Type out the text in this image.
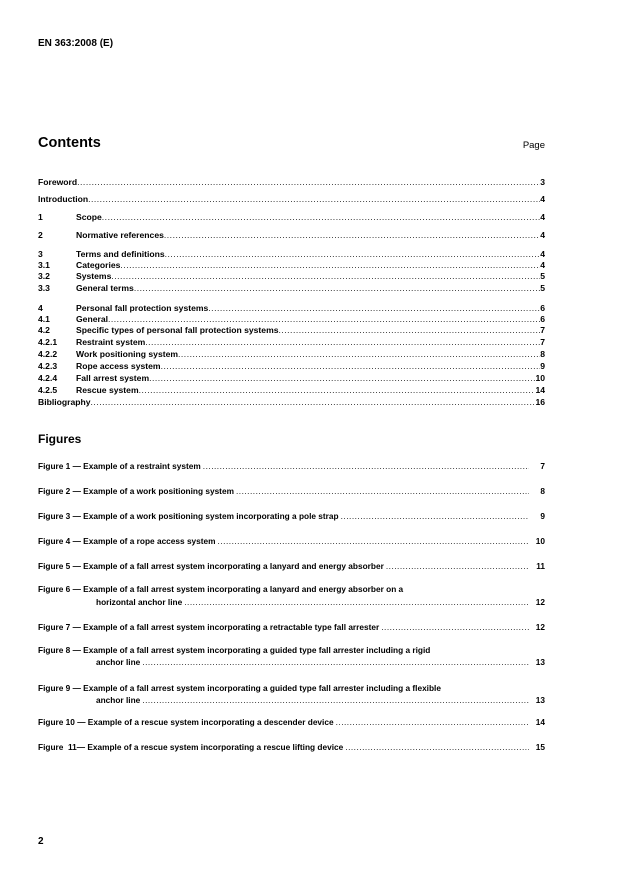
EN 363:2008 (E)
Contents	Page
Foreword .....	3
Introduction .....	4
1	Scope .....	4
2	Normative references .....	4
3	Terms and definitions .....	4
3.1	Categories .....	4
3.2	Systems .....	5
3.3	General terms .....	5
4	Personal fall protection systems .....	6
4.1	General .....	6
4.2	Specific types of personal fall protection systems .....	7
4.2.1	Restraint system .....	7
4.2.2	Work positioning system .....	8
4.2.3	Rope access system .....	9
4.2.4	Fall arrest system .....	10
4.2.5	Rescue system .....	14
Bibliography .....	16
Figures
Figure 1 — Example of a restraint system .....	7
Figure 2 — Example of a work positioning system .....	8
Figure 3 — Example of a work positioning system incorporating a pole strap .....	9
Figure 4 — Example of a rope access system .....	10
Figure 5 — Example of a fall arrest system incorporating a lanyard and energy absorber .....	11
Figure 6 — Example of a fall arrest system incorporating a lanyard and energy absorber on a
horizontal anchor line .....	12
Figure 7 — Example of a fall arrest system incorporating a retractable type fall arrester .....	12
Figure 8 — Example of a fall arrest system incorporating a guided type fall arrester including a rigid
anchor line .....	13
Figure 9 — Example of a fall arrest system incorporating a guided type fall arrester including a flexible
anchor line .....	13
Figure 10 — Example of a rescue system incorporating a descender device .....	14
Figure  11— Example of a rescue system incorporating a rescue lifting device .....	15
2
